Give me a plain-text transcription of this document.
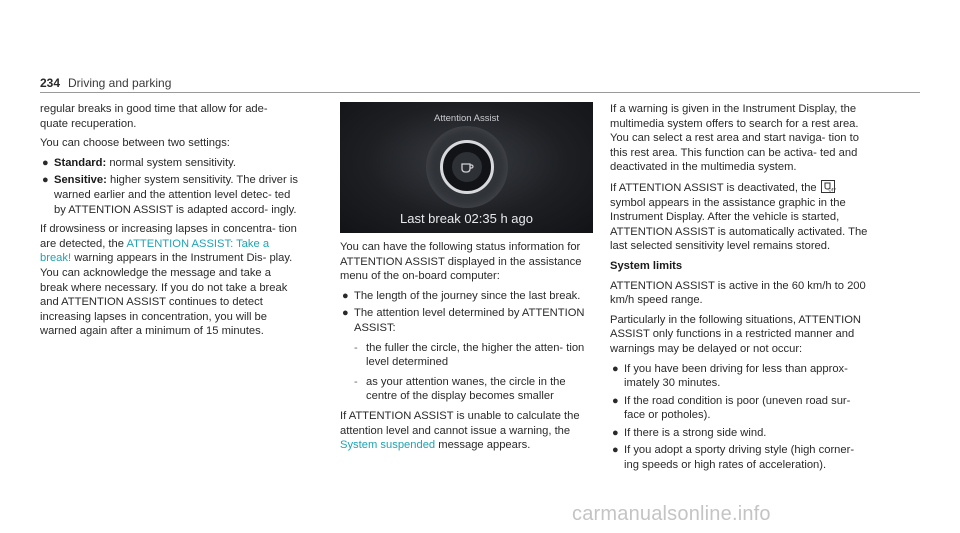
234 Driving and parking

regular breaks in good time that allow for ade- quate recuperation.

You can choose between two settings:

● Standard: normal system sensitivity.
● Sensitive: higher system sensitivity. The driver is warned earlier and the attention level detec- ted by ATTENTION ASSIST is adapted accord- ingly.

If drowsiness or increasing lapses in concentra- tion are detected, the ATTENTION ASSIST: Take a break! warning appears in the Instrument Dis- play. You can acknowledge the message and take a break where necessary. If you do not take a break and ATTENTION ASSIST continues to detect increasing lapses in concentration, you will be warned again after a minimum of 15 minutes.

Attention Assist
Last break 02:35 h ago

You can have the following status information for ATTENTION ASSIST displayed in the assistance menu of the on-board computer:

● The length of the journey since the last break.
● The attention level determined by ATTENTION ASSIST:
- the fuller the circle, the higher the atten- tion level determined
- as your attention wanes, the circle in the centre of the display becomes smaller

If ATTENTION ASSIST is unable to calculate the attention level and cannot issue a warning, the System suspended message appears.

If a warning is given in the Instrument Display, the multimedia system offers to search for a rest area. You can select a rest area and start naviga- tion to this rest area. This function can be activa- ted and deactivated in the multimedia system.

If ATTENTION ASSIST is deactivated, the OFF
symbol appears in the assistance graphic in the Instrument Display. After the vehicle is started, ATTENTION ASSIST is automatically activated. The last selected sensitivity level remains stored.

System limits

ATTENTION ASSIST is active in the 60 km/h to 200 km/h speed range.

Particularly in the following situations, ATTENTION ASSIST only functions in a restricted manner and warnings may be delayed or not occur:

● If you have been driving for less than approx- imately 30 minutes.
● If the road condition is poor (uneven road sur- face or potholes).
● If there is a strong side wind.
● If you adopt a sporty driving style (high corner- ing speeds or high rates of acceleration).
carmanualsonline.info
